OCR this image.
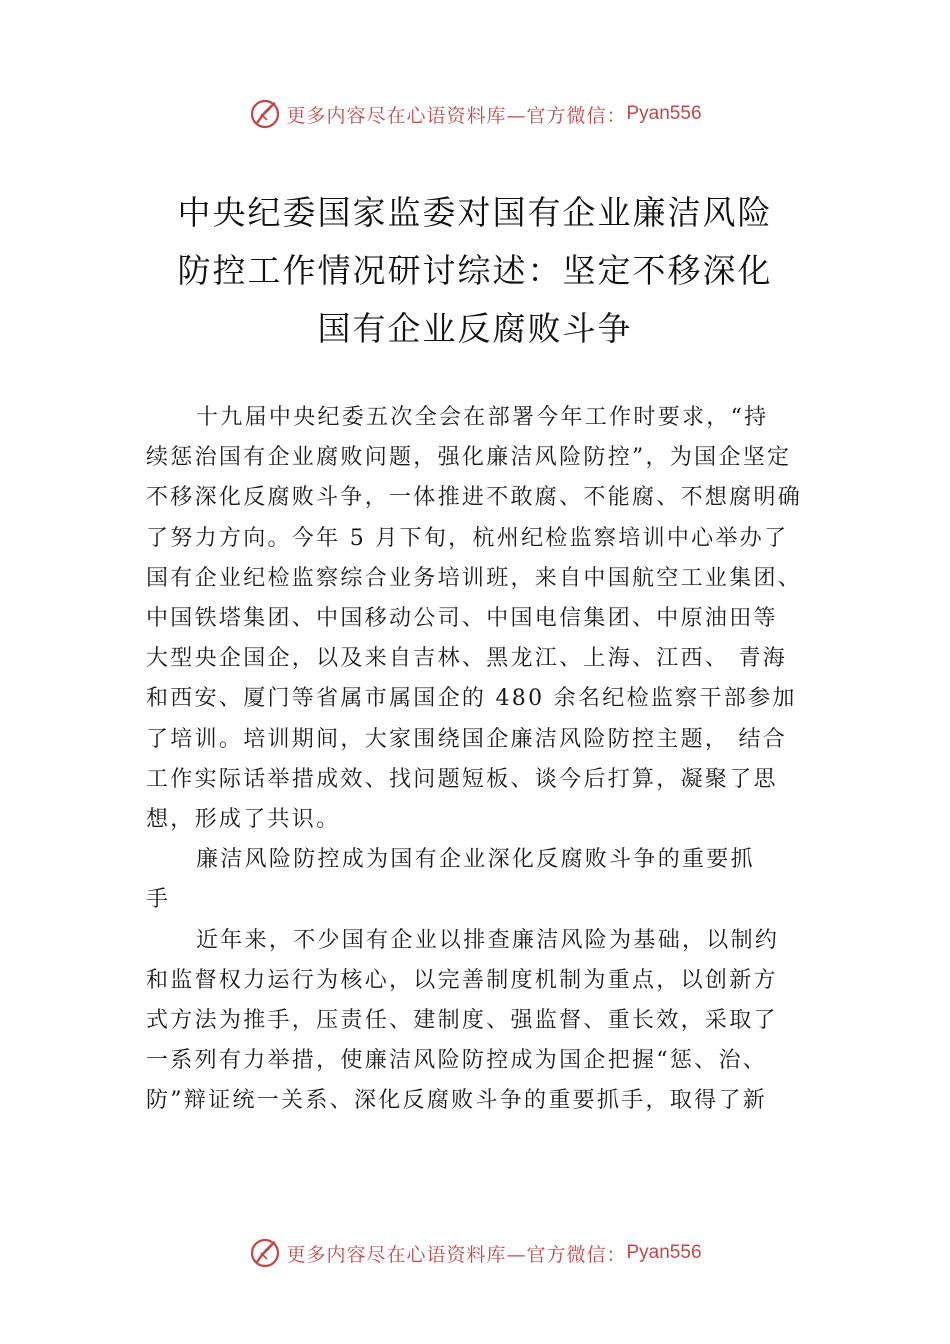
更多内容尽在心语资料库—官方微信： Pyan556
中央纪委国家监委对国有企业廉洁风险
防控工作情况研讨综述：坚定不移深化
国有企业反腐败斗争
十九届中央纪委五次全会在部署今年工作时要求，“持
续惩治国有企业腐败问题，强化廉洁风险防控”，为国企坚定
不移深化反腐败斗争，一体推进不敢腐、不能腐、不想腐明确
了努力方向。今年 5 月下旬，杭州纪检监察培训中心举办了
国有企业纪检监察综合业务培训班，来自中国航空工业集团、
中国铁塔集团、中国移动公司、中国电信集团、中原油田等
大型央企国企，以及来自吉林、黑龙江、上海、江西、 青海
和西安、厦门等省属市属国企的 480 余名纪检监察干部参加
了培训。培训期间，大家围绕国企廉洁风险防控主题， 结合
工作实际话举措成效、找问题短板、谈今后打算，凝聚了思
想，形成了共识。
廉洁风险防控成为国有企业深化反腐败斗争的重要抓
手
近年来，不少国有企业以排查廉洁风险为基础，以制约
和监督权力运行为核心，以完善制度机制为重点，以创新方
式方法为推手，压责任、建制度、强监督、重长效，采取了
一系列有力举措，使廉洁风险防控成为国企把握“惩、治、
防”辩证统一关系、深化反腐败斗争的重要抓手，取得了新
更多内容尽在心语资料库—官方微信： Pyan556
